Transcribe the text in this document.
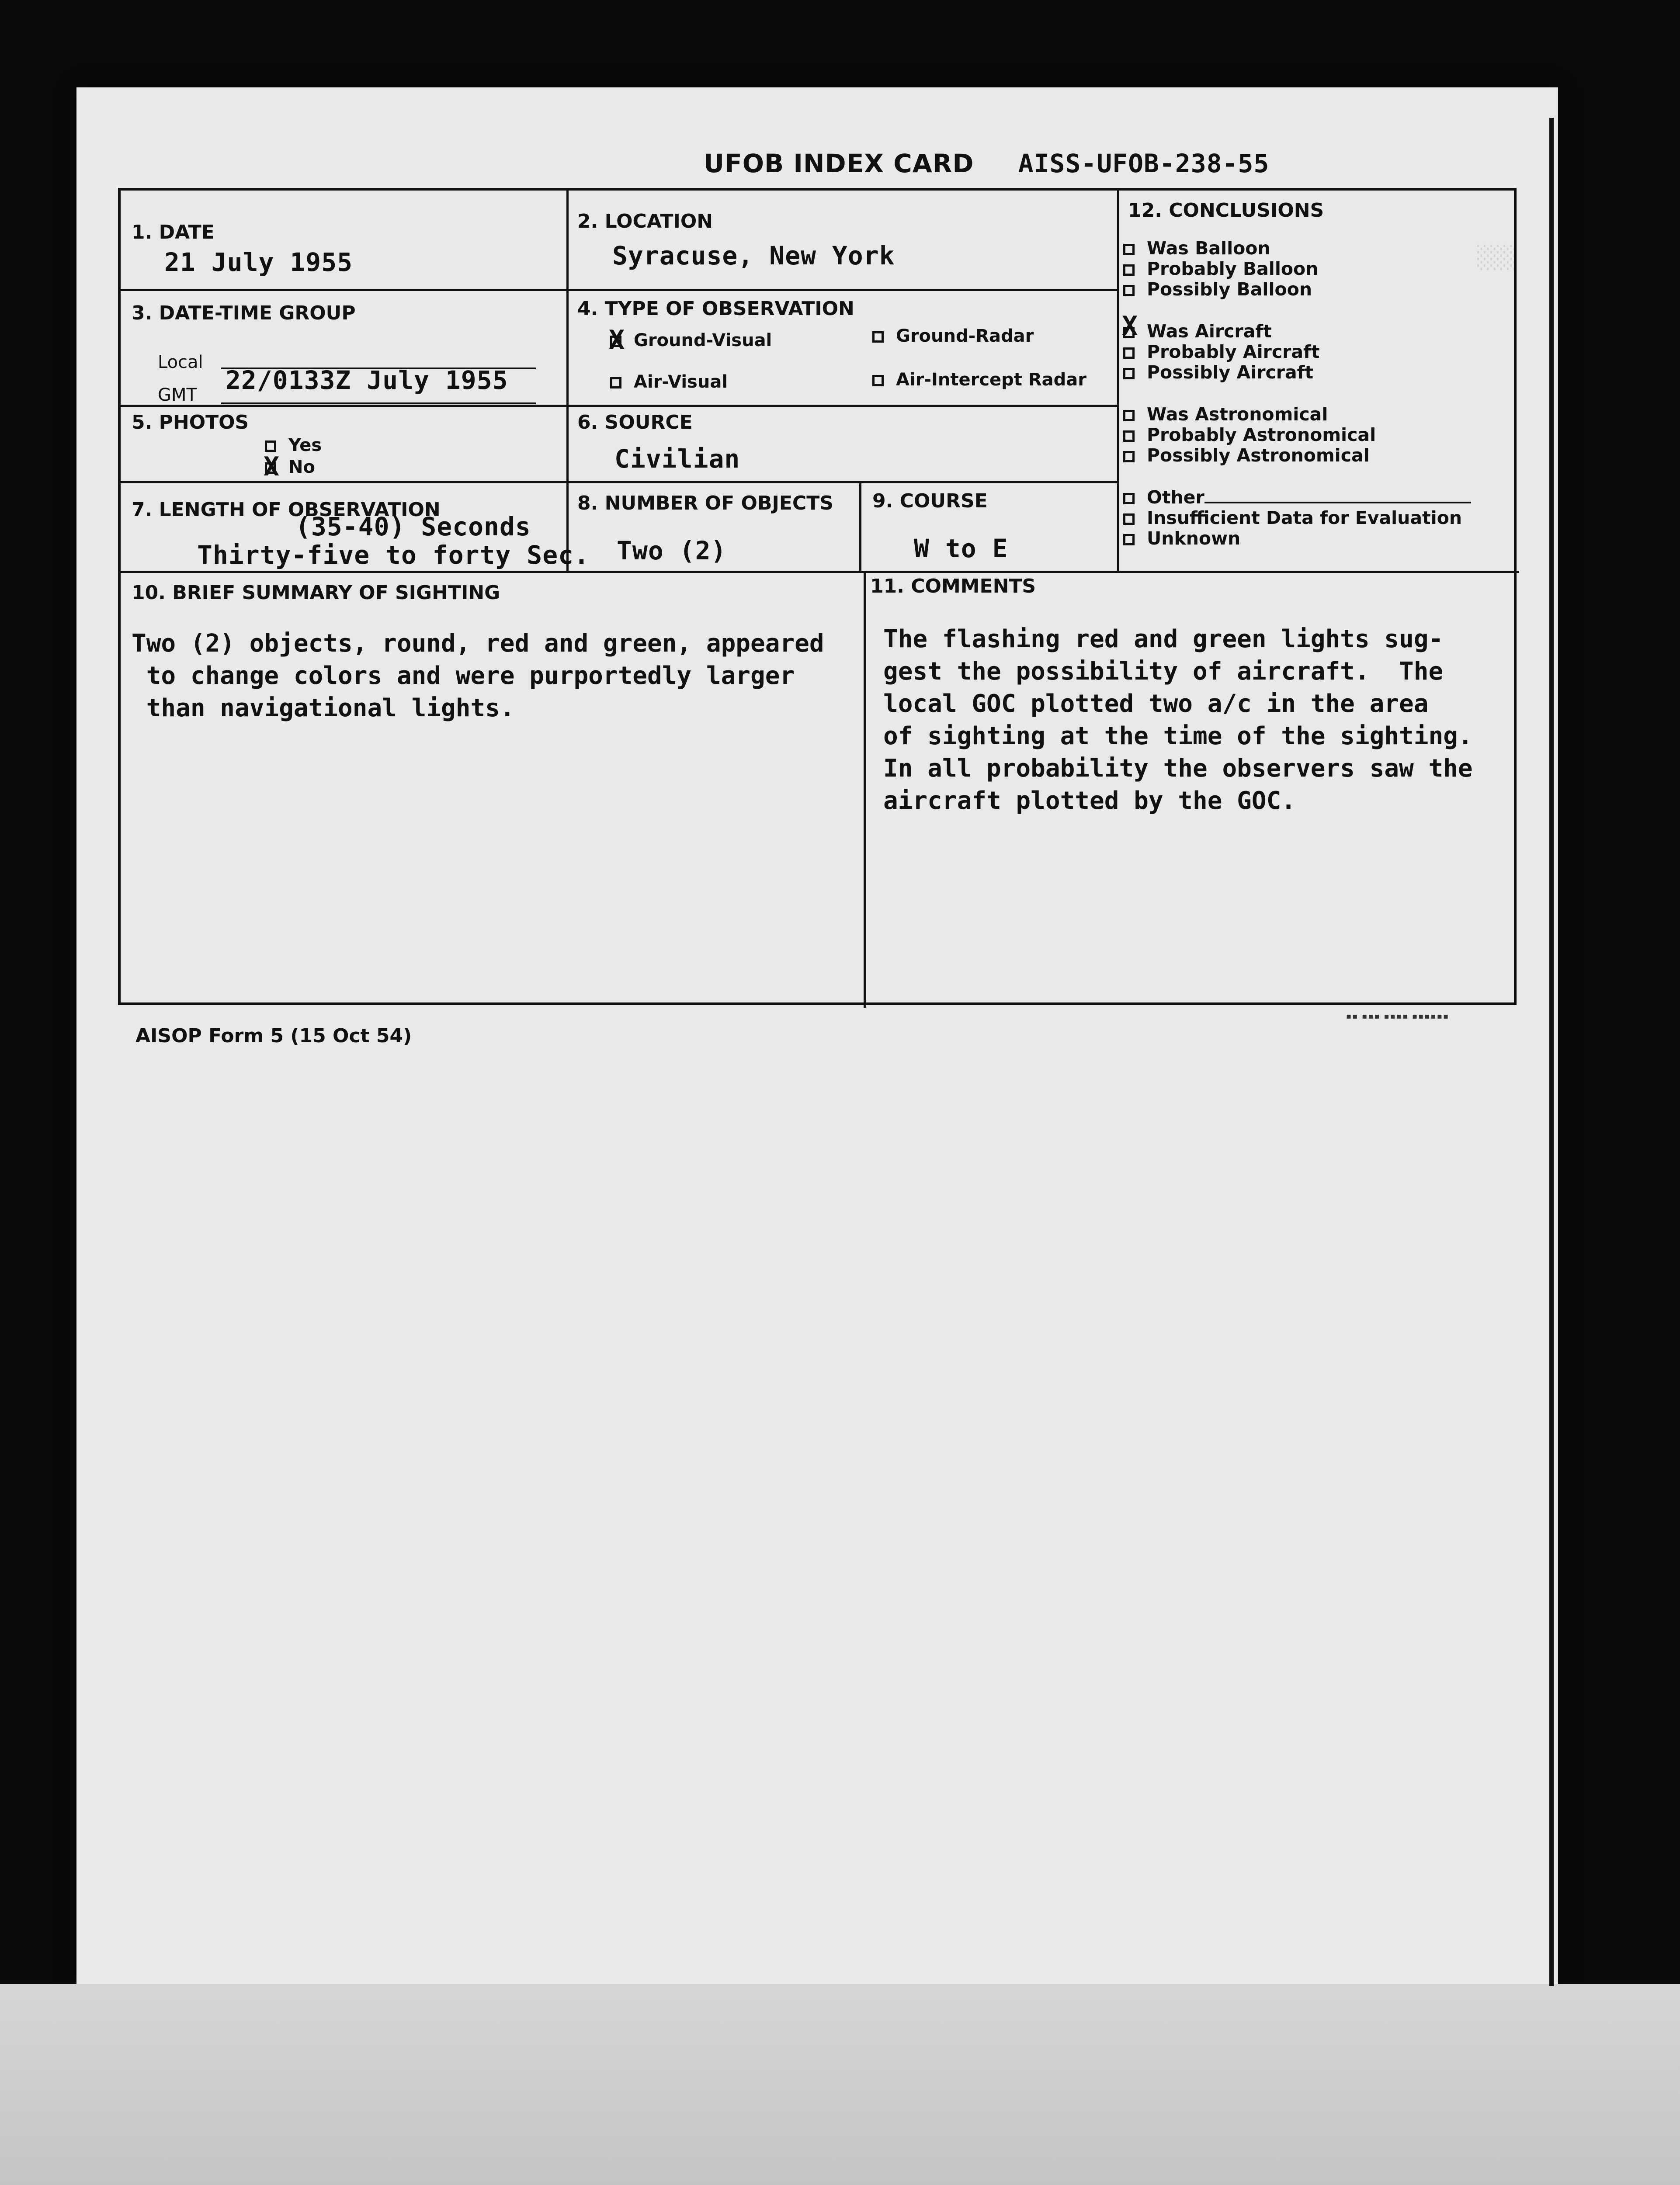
░░░
UFOB INDEX CARD AISS-UFOB-238-55
1. DATE
21 July 1955
2. LOCATION
Syracuse, New York
3. DATE-TIME GROUP
Local
GMT 22/0133Z July 1955
4. TYPE OF OBSERVATION
XGround-Visual	Ground-Radar
Air-Visual	Air-Intercept Radar
5. PHOTOS
Yes
XNo
6. SOURCE
Civilian
7. LENGTH OF OBSERVATION
(35-40) Seconds
Thirty-five to forty Sec.
8. NUMBER OF OBJECTS
Two (2)
9. COURSE
W to E
12. CONCLUSIONS
10. BRIEF SUMMARY OF SIGHTING
Two (2) objects, round, red and green, appeared
to change colors and were purportedly larger
than navigational lights.
11. COMMENTS
The flashing red and green lights sug-
gest the possibility of aircraft.  The
local GOC plotted two a/c in the area
of sighting at the time of the sighting.
In all probability the observers saw the
aircraft plotted by the GOC.
Was Balloon
Probably Balloon
Possibly Balloon
XWas Aircraft
Probably Aircraft
Possibly Aircraft
Was Astronomical
Probably Astronomical
Possibly Astronomical
Other
Insufficient Data for Evaluation
Unknown
▪▪ ▪▪▪ ▪▪▪▪ ▪▪▪▪▪▪
AISOP Form 5 (15 Oct 54)
